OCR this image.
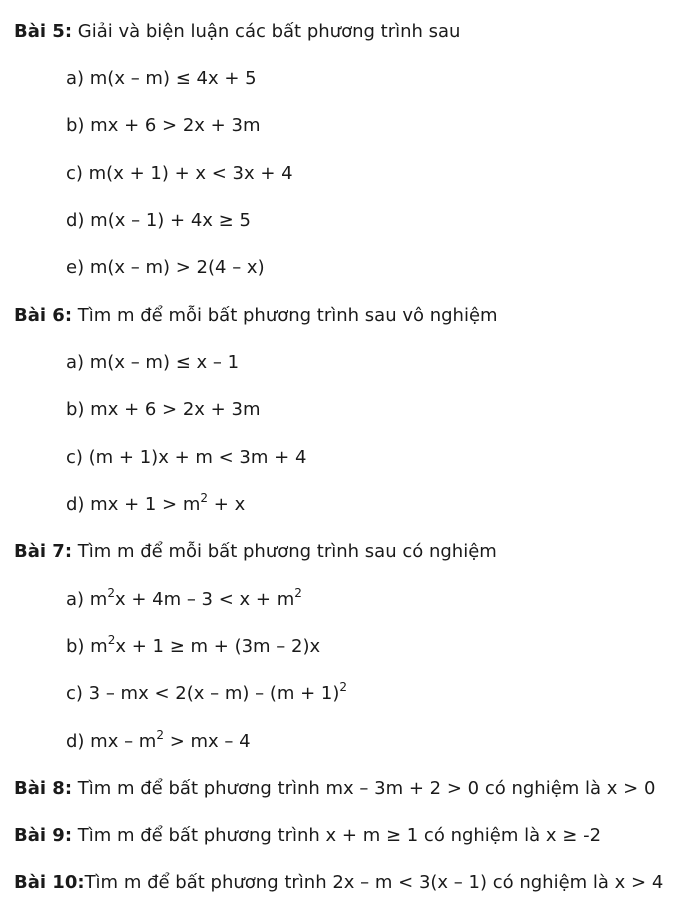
Bài 5: Giải và biện luận các bất phương trình sau
a) m(x – m) ≤ 4x + 5
b) mx + 6 > 2x + 3m
c) m(x + 1) + x < 3x + 4
d) m(x – 1) + 4x ≥ 5
e) m(x – m) > 2(4 – x)
Bài 6: Tìm m để mỗi bất phương trình sau vô nghiệm
a) m(x – m) ≤ x – 1
b) mx + 6 > 2x + 3m
c) (m + 1)x + m < 3m + 4
d) mx + $1 > m^2 + x$
Bài 7: Tìm m để mỗi bất phương trình sau có nghiệm
a) $m^2x + 4m - 3 < x + m^2$
b) $m^2x + 1 \ge m + (3m - 2)x$
c) 3 – mx < $2(x - m) - (m + 1)^2$
d) mx – $m^2$ > mx – 4
Bài 8: Tìm m để bất phương trình mx – 3m + 2 > 0 có nghiệm là x > 0
Bài 9: Tìm m để bất phương trình x + m ≥ 1 có nghiệm là x ≥ -2
Bài 10:Tìm m để bất phương trình 2x – m < 3(x – 1) có nghiệm là x > 4
